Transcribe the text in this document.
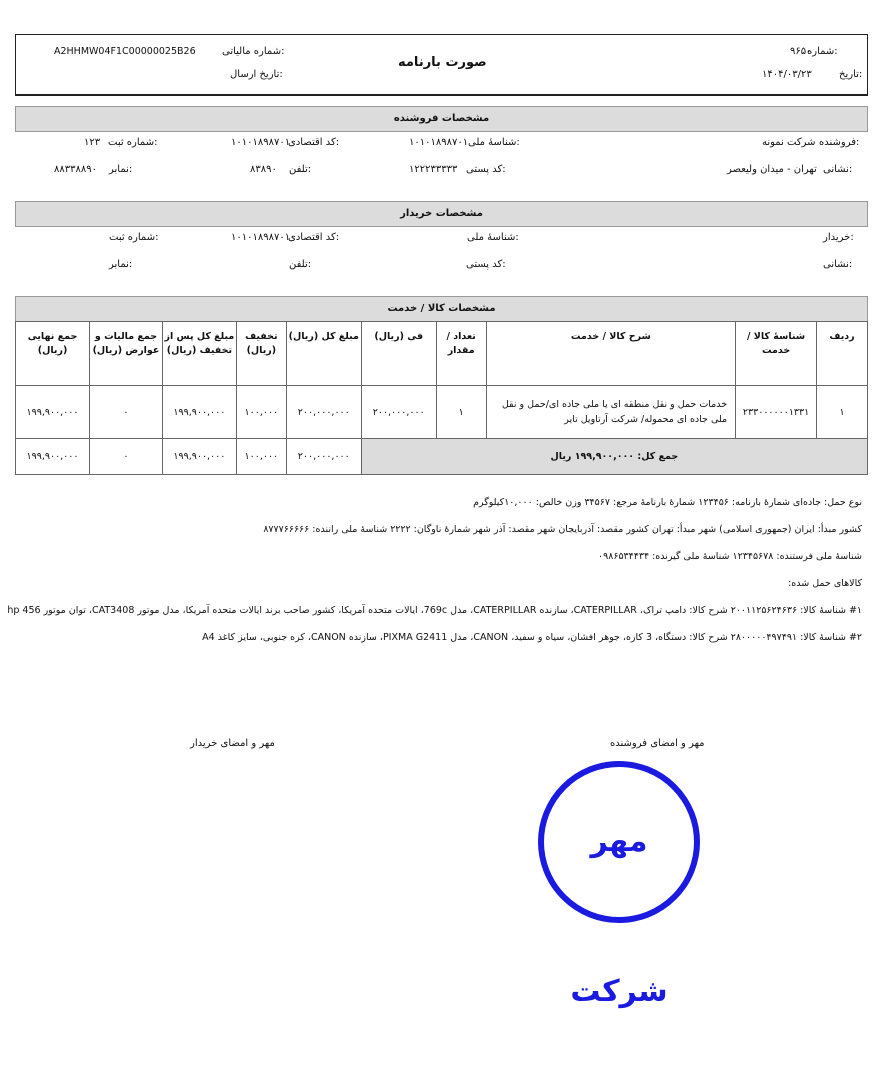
شماره:
۹۶۵۰
تاریخ:
۱۴۰۴/۰۳/۲۳
صورت بارنامه
شماره مالیاتی:
A2HHMW04F1C00000025B26
تاریخ ارسال:
مشخصات فروشنده
فروشنده:
شرکت نمونه
شناسهٔ ملی:
۱۰۱۰۱۸۹۸۷۰۱
کد اقتصادی:
۱۰۱۰۱۸۹۸۷۰۱
شماره ثبت:
۱۲۳
نشانی:
تهران - میدان ولیعصر
کد پستی:
۱۲۲۲۳۳۳۳۳
تلفن:
۸۳۸۹۰
نمابر:
۸۸۳۳۸۸۹۰
مشخصات خریدار
خریدار:
شناسهٔ ملی:
کد اقتصادی:
۱۰۱۰۱۸۹۸۷۰۱
شماره ثبت:
نشانی:
کد پستی:
تلفن:
نمابر:
مشخصات کالا / خدمت
ردیف	شناسهٔ کالا / خدمت	شرح کالا / خدمت	تعداد / مقدار	فی (ریال)	مبلغ کل (ریال)	تخفیف (ریال)	مبلغ کل پس از تخفیف (ریال)	جمع مالیات و عوارض (ریال)	جمع نهایی (ریال)
۱	۲۳۳۰۰۰۰۰۰۱۳۳۱	خدمات حمل و نقل منطقه ای یا ملی جاده ای/حمل و نقل ملی جاده ای محموله/ شرکت آرتاویل تایر	۱	۲۰۰,۰۰۰,۰۰۰	۲۰۰,۰۰۰,۰۰۰	۱۰۰,۰۰۰	۱۹۹,۹۰۰,۰۰۰	۰	۱۹۹,۹۰۰,۰۰۰
جمع کل: ۱۹۹,۹۰۰,۰۰۰ ریال					۲۰۰,۰۰۰,۰۰۰	۱۰۰,۰۰۰	۱۹۹,۹۰۰,۰۰۰	۰	۱۹۹,۹۰۰,۰۰۰
نوع حمل: جاده‌ای شمارهٔ بارنامه: ۱۲۳۴۵۶ شمارهٔ بارنامهٔ مرجع: ۳۴۵۶۷ وزن خالص: ۱۰,۰۰۰کیلوگرم
کشور مبدأ: ایران (جمهوری اسلامی) شهر مبدأ: تهران کشور مقصد: آذربایجان شهر مقصد: آذر شهر شمارهٔ ناوگان: ۲۲۲۲ شناسهٔ ملی راننده: ۸۷۷۷۶۶۶۶۶
شناسهٔ ملی فرستنده: ۱۲۳۴۵۶۷۸ شناسهٔ ملی گیرنده: ۰۹۸۶۵۳۴۴۳۴
کالاهای حمل شده:
#۱ شناسهٔ کالا: ۲۰۰۱۱۲۵۶۲۴۶۳۶ شرح کالا: دامپ تراک، CATERPILLAR، سازنده CATERPILLAR، مدل 769c، ایالات متحده آمریکا، کشور صاحب برند ایالات متحده آمریکا، مدل موتور CAT3408، توان موتور 456 hp
#۲ شناسهٔ کالا: ۲۸۰۰۰۰۰۴۹۷۴۹۱ شرح کالا: دستگاه، 3 کاره، جوهر افشان، سیاه و سفید، CANON، مدل PIXMA G2411، سازنده CANON، کره جنوبی، سایز کاغذ A4
مهر و امضای فروشنده
مهر و امضای خریدار
مهر شرکت
